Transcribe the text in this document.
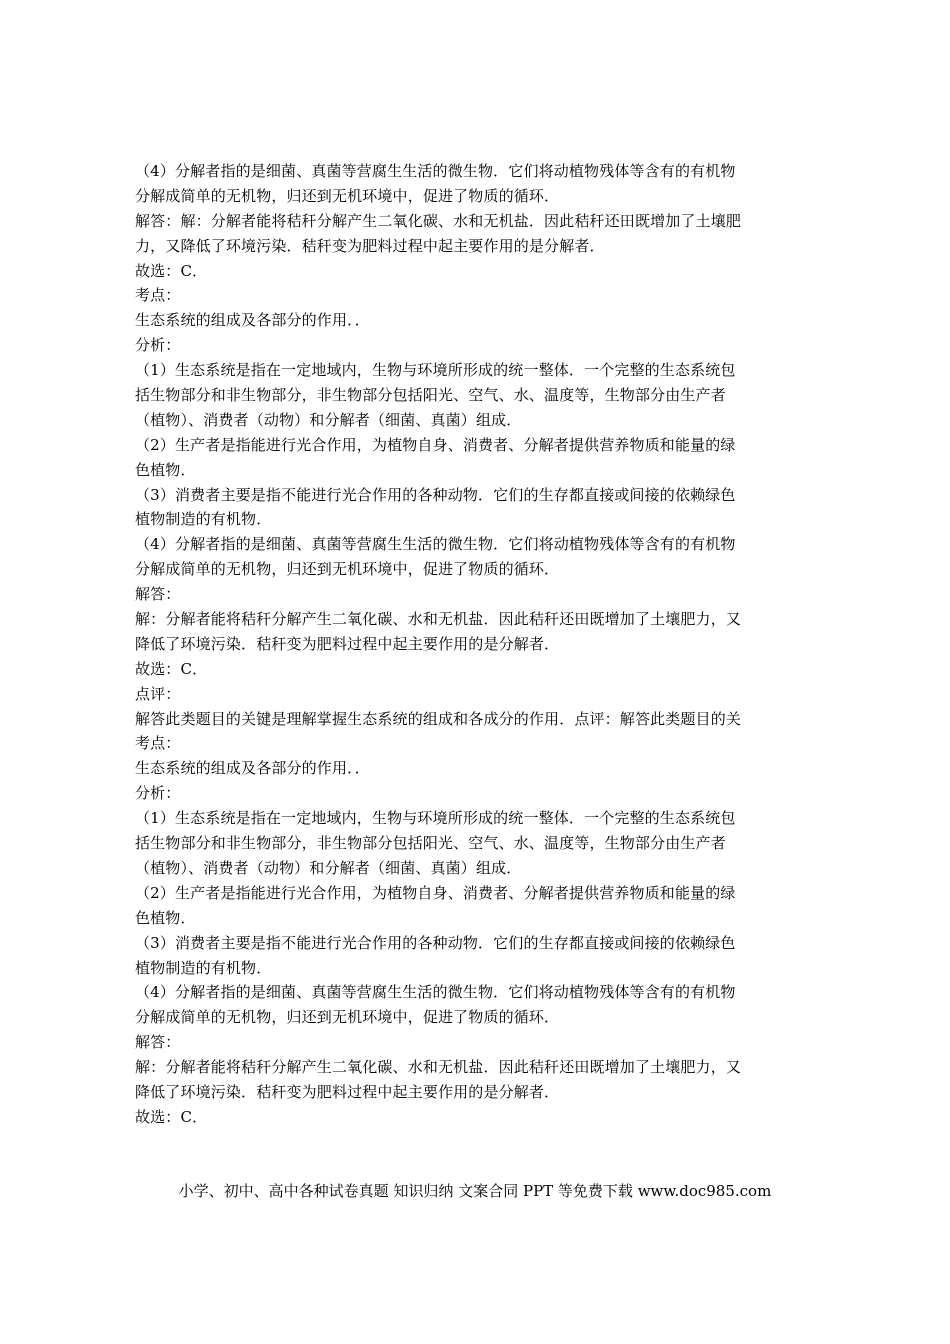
（4）分解者指的是细菌、真菌等营腐生生活的微生物．它们将动植物残体等含有的有机物
分解成简单的无机物，归还到无机环境中，促进了物质的循环．
解答：解：分解者能将秸秆分解产生二氧化碳、水和无机盐．因此秸秆还田既增加了土壤肥
力，又降低了环境污染．秸秆变为肥料过程中起主要作用的是分解者．
故选：C．
考点：
生态系统的组成及各部分的作用．．
分析：
（1）生态系统是指在一定地域内，生物与环境所形成的统一整体．一个完整的生态系统包
括生物部分和非生物部分，非生物部分包括阳光、空气、水、温度等，生物部分由生产者
（植物）、消费者（动物）和分解者（细菌、真菌）组成．
（2）生产者是指能进行光合作用，为植物自身、消费者、分解者提供营养物质和能量的绿
色植物．
（3）消费者主要是指不能进行光合作用的各种动物．它们的生存都直接或间接的依赖绿色
植物制造的有机物．
（4）分解者指的是细菌、真菌等营腐生生活的微生物．它们将动植物残体等含有的有机物
分解成简单的无机物，归还到无机环境中，促进了物质的循环．
解答：
解：分解者能将秸秆分解产生二氧化碳、水和无机盐．因此秸秆还田既增加了土壤肥力，又
降低了环境污染．秸秆变为肥料过程中起主要作用的是分解者．
故选：C．
点评：
解答此类题目的关键是理解掌握生态系统的组成和各成分的作用．点评：解答此类题目的关
考点：
生态系统的组成及各部分的作用．．
分析：
（1）生态系统是指在一定地域内，生物与环境所形成的统一整体．一个完整的生态系统包
括生物部分和非生物部分，非生物部分包括阳光、空气、水、温度等，生物部分由生产者
（植物）、消费者（动物）和分解者（细菌、真菌）组成．
（2）生产者是指能进行光合作用，为植物自身、消费者、分解者提供营养物质和能量的绿
色植物．
（3）消费者主要是指不能进行光合作用的各种动物．它们的生存都直接或间接的依赖绿色
植物制造的有机物．
（4）分解者指的是细菌、真菌等营腐生生活的微生物．它们将动植物残体等含有的有机物
分解成简单的无机物，归还到无机环境中，促进了物质的循环．
解答：
解：分解者能将秸秆分解产生二氧化碳、水和无机盐．因此秸秆还田既增加了土壤肥力，又
降低了环境污染．秸秆变为肥料过程中起主要作用的是分解者．
故选：C．
小学、初中、高中各种试卷真题 知识归纳 文案合同 PPT 等免费下载 www.doc985.com
